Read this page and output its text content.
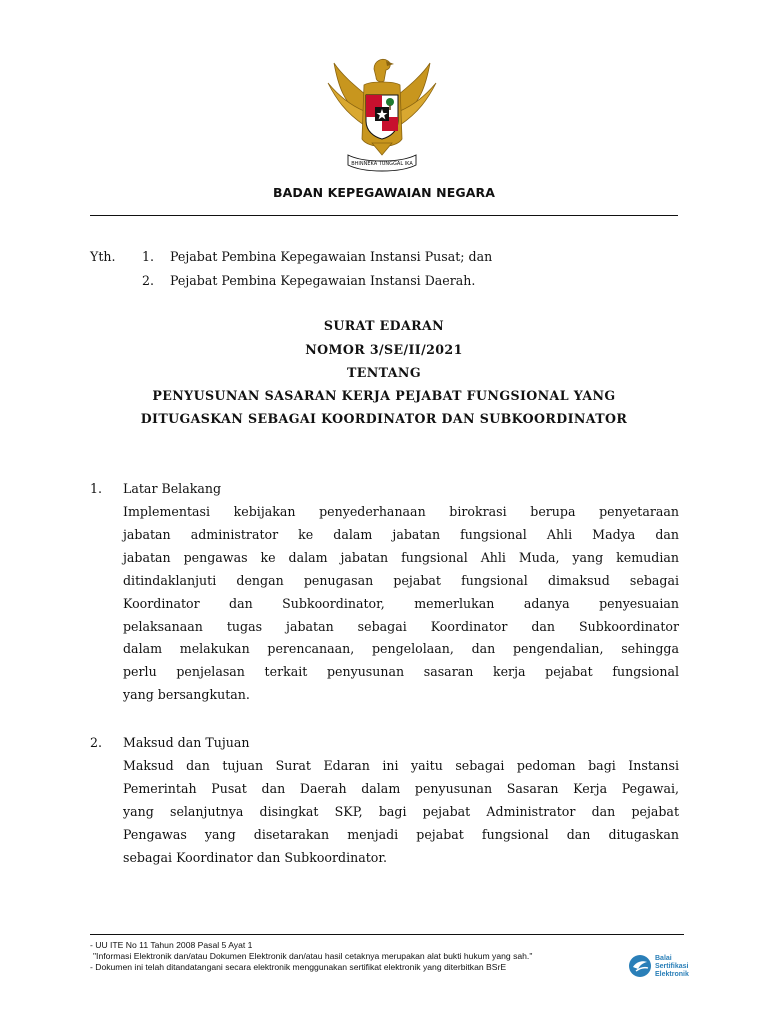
BHINNEKA TUNGGAL IKA
BADAN KEPEGAWAIAN NEGARA
Yth. 1. Pejabat Pembina Kepegawaian Instansi Pusat; dan
2. Pejabat Pembina Kepegawaian Instansi Daerah.
SURAT EDARAN
NOMOR 3/SE/II/2021
TENTANG
PENYUSUNAN SASARAN KERJA PEJABAT FUNGSIONAL YANG
DITUGASKAN SEBAGAI KOORDINATOR DAN SUBKOORDINATOR
1. Latar Belakang
Implementasi kebijakan penyederhanaan birokrasi berupa penyetaraan
jabatan administrator ke dalam jabatan fungsional Ahli Madya dan
jabatan pengawas ke dalam jabatan fungsional Ahli Muda, yang kemudian
ditindaklanjuti dengan penugasan pejabat fungsional dimaksud sebagai
Koordinator dan Subkoordinator, memerlukan adanya penyesuaian
pelaksanaan tugas jabatan sebagai Koordinator dan Subkoordinator
dalam melakukan perencanaan, pengelolaan, dan pengendalian, sehingga
perlu penjelasan terkait penyusunan sasaran kerja pejabat fungsional
yang bersangkutan.
2. Maksud dan Tujuan
Maksud dan tujuan Surat Edaran ini yaitu sebagai pedoman bagi Instansi
Pemerintah Pusat dan Daerah dalam penyusunan Sasaran Kerja Pegawai,
yang selanjutnya disingkat SKP, bagi pejabat Administrator dan pejabat
Pengawas yang disetarakan menjadi pejabat fungsional dan ditugaskan
sebagai Koordinator dan Subkoordinator.
- UU ITE No 11 Tahun 2008 Pasal 5 Ayat 1
"Informasi Elektronik dan/atau Dokumen Elektronik dan/atau hasil cetaknya merupakan alat bukti hukum yang sah."
- Dokumen ini telah ditandatangani secara elektronik menggunakan sertifikat elektronik yang diterbitkan BSrE
Balai
Sertifikasi
Elektronik
